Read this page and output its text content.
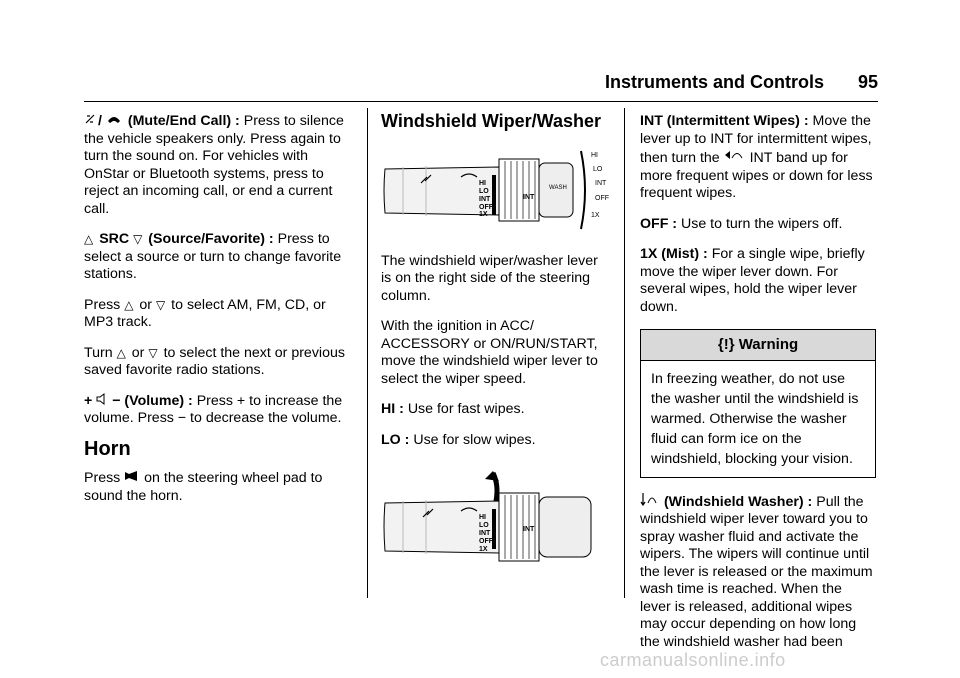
Instruments and Controls 95

/ (Mute/End Call) : Press to silence the vehicle speakers only. Press again to turn the sound on. For vehicles with OnStar or Bluetooth systems, press to reject an incoming call, or end a current call.

△ SRC ▽ (Source/Favorite) : Press to select a source or turn to change favorite stations.

Press △ or ▽ to select AM, FM, CD, or MP3 track.

Turn △ or ▽ to select the next or previous saved favorite radio stations.

+ − (Volume) : Press + to increase the volume. Press − to decrease the volume.

Horn

Press on the steering wheel pad to sound the horn.

Windshield Wiper/Washer
WASH
HI
LO
INT
OFF
1X
INT
HI
LO
INT
OFF
1X

The windshield wiper/washer lever is on the right side of the steering column.

With the ignition in ACC/ ACCESSORY or ON/RUN/START, move the windshield wiper lever to select the wiper speed.

HI : Use for fast wipes.

LO : Use for slow wipes.

HI
LO
INT
OFF
1X
INT

INT (Intermittent Wipes) : Move the lever up to INT for intermittent wipes, then turn the INT band up for more frequent wipes or down for less frequent wipes.

OFF : Use to turn the wipers off.

1X (Mist) : For a single wipe, briefly move the wiper lever down. For several wipes, hold the wiper lever down.

{!} Warning
In freezing weather, do not use the washer until the windshield is warmed. Otherwise the washer fluid can form ice on the windshield, blocking your vision.

(Windshield Washer) : Pull the windshield wiper lever toward you to spray washer fluid and activate the wipers. The wipers will continue until the lever is released or the maximum wash time is reached. When the lever is released, additional wipes may occur depending on how long the windshield washer had been

carmanualsonline.info
